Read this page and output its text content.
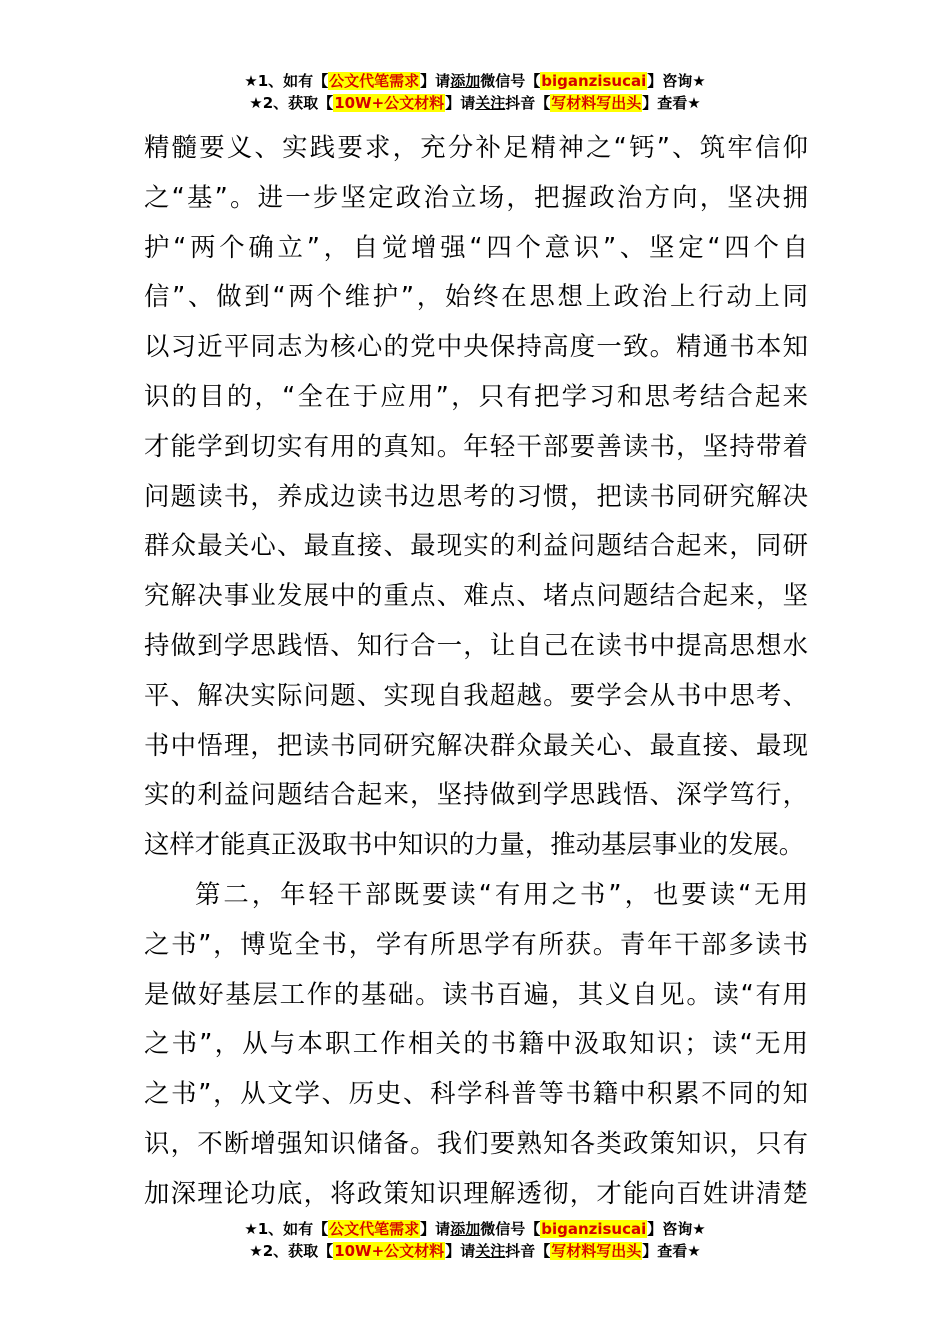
★1、如有【公文代笔需求】请添加微信号【biganzisucai】咨询★
★2、获取【10W+公文材料】请关注抖音【写材料写出头】查看★
精髓要义、实践要求，充分补足精神之“钙”、筑牢信仰
之“基”。进一步坚定政治立场，把握政治方向，坚决拥
护“两个确立”，自觉增强“四个意识”、坚定“四个自
信”、做到“两个维护”，始终在思想上政治上行动上同
以习近平同志为核心的党中央保持高度一致。精通书本知
识的目的，“全在于应用”，只有把学习和思考结合起来
才能学到切实有用的真知。年轻干部要善读书，坚持带着
问题读书，养成边读书边思考的习惯，把读书同研究解决
群众最关心、最直接、最现实的利益问题结合起来，同研
究解决事业发展中的重点、难点、堵点问题结合起来，坚
持做到学思践悟、知行合一，让自己在读书中提高思想水
平、解决实际问题、实现自我超越。要学会从书中思考、
书中悟理，把读书同研究解决群众最关心、最直接、最现
实的利益问题结合起来，坚持做到学思践悟、深学笃行，
这样才能真正汲取书中知识的力量，推动基层事业的发展。
第二，年轻干部既要读“有用之书”，也要读“无用
之书”，博览全书，学有所思学有所获。青年干部多读书
是做好基层工作的基础。读书百遍，其义自见。读“有用
之书”，从与本职工作相关的书籍中汲取知识；读“无用
之书”，从文学、历史、科学科普等书籍中积累不同的知
识，不断增强知识储备。我们要熟知各类政策知识，只有
加深理论功底，将政策知识理解透彻，才能向百姓讲清楚
★1、如有【公文代笔需求】请添加微信号【biganzisucai】咨询★
★2、获取【10W+公文材料】请关注抖音【写材料写出头】查看★
